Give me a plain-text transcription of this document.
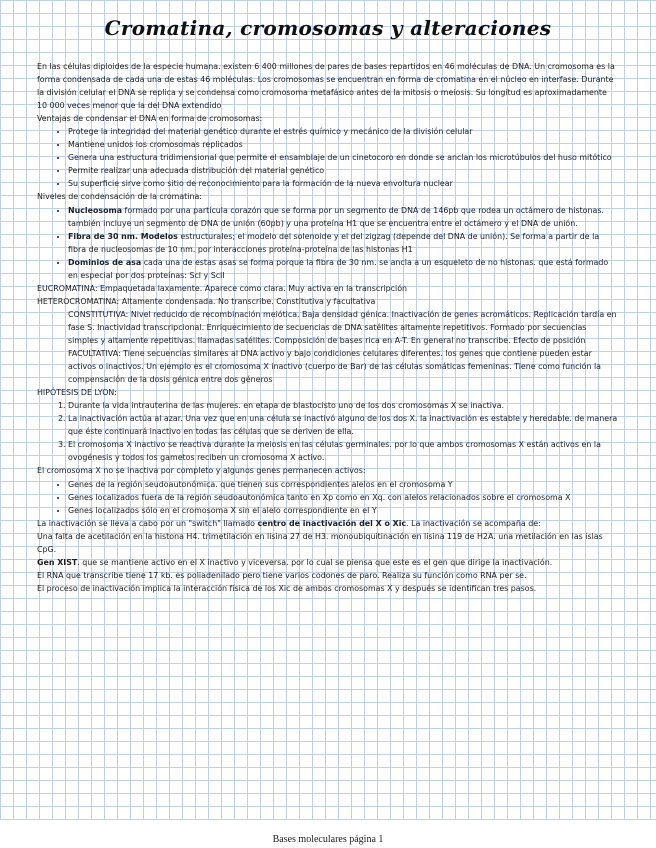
Cromatina, cromosomas y alteraciones

En las células diploides de la especie humana. existen 6 400 millones de pares de bases repartidos en 46 moléculas de DNA. Un cromosoma es la forma condensada de cada una de estas 46 moléculas. Los cromosomas se encuentran en forma de cromatina en el núcleo en interfase. Durante la división celular el DNA se replica y se condensa como cromosoma metafásico antes de la mitosis o meiosis. Su longitud es aproximadamente 10 000 veces menor que la del DNA extendido

Ventajas de condensar el DNA en forma de cromosomas:

• Protege la integridad del material genético durante el estrés químico y mecánico de la división celular
• Mantiene unidos los cromosomas replicados
• Genera una estructura tridimensional que permite el ensamblaje de un cinetocoro en donde se anclan los microtúbulos del huso mitótico
• Permite realizar una adecuada distribución del material genético
• Su superficie sirve como sitio de reconocimiento para la formación de la nueva envoltura nuclear

Niveles de condensación de la cromatina:

• Nucleosoma formado por una partícula corazón que se forma por un segmento de DNA de 146pb que rodea un octámero de histonas. también incluye un segmento de DNA de unión (60pb) y una proteína H1 que se encuentra entre el octámero y el DNA de unión.
• Fibra de 30 nm. Modelos estructurales; el modelo del solenoide y el del zigzag (depende del DNA de unión). Se forma a partir de la fibra de nucleosomas de 10 nm. por interacciones proteína-proteína de las histonas H1
• Dominios de asa cada una de estas asas se forma porque la fibra de 30 nm. se ancla a un esqueleto de no histonas. que está formado en especial por dos proteínas: Scl y SclI

EUCROMATINA: Empaquetada laxamente. Aparece como clara. Muy activa en la transcripción

HETEROCROMATINA: Altamente condensada. No transcribe. Constitutiva y facultativa

CONSTITUTIVA: Nivel reducido de recombinación meiótica. Baja densidad génica. Inactivación de genes acromáticos. Replicación tardía en fase S. Inactividad transcripcional. Enriquecimiento de secuencias de DNA satélites altamente repetitivos. Formado por secuencias simples y altamente repetitivas. llamadas satélites. Composición de bases rica en A-T. En general no transcribe. Efecto de posición

FACULTATIVA: Tiene secuencias similares al DNA activo y bajo condiciones celulares diferentes. los genes que contiene pueden estar activos o inactivos. Un ejemplo es el cromosoma X inactivo (cuerpo de Bar) de las células somáticas femeninas. Tiene como función la compensación de la dosis génica entre dos géneros

HIPÓTESIS DE LYON:

1. Durante la vida intrauterina de las mujeres. en etapa de blastocisto uno de los dos cromosomas X se inactiva.
2. La inactivación actúa al azar. Una vez que en una célula se inactivó alguno de los dos X. la inactivación es estable y heredable. de manera que éste continuará inactivo en todas las células que se deriven de ella.
3. El cromosoma X inactivo se reactiva durante la meiosis en las células germinales. por lo que ambos cromosomas X están activos en la ovogénesis y todos los gametos reciben un cromosoma X activo.

El cromosoma X no se inactiva por completo y algunos genes permanecen activos:

• Genes de la región seudoautonómica. que tienen sus correspondientes alelos en el cromosoma Y
• Genes localizados fuera de la región seudoautonómica tanto en Xp como en Xq. con alelos relacionados sobre el cromosoma X
• Genes localizados sólo en el cromosoma X sin el alelo correspondiente en el Y

La inactivación se lleva a cabo por un "switch" llamado centro de inactivación del X o Xic. La inactivación se acompaña de:

Una falta de acetilación en la histona H4. trimetilación en lisina 27 de H3. monoubiquitinación en lisina 119 de H2A. una metilación en las islas CpG.

Gen XIST. que se mantiene activo en el X inactivo y viceversa. por lo cual se piensa que este es el gen que dirige la inactivación.

El RNA que transcribe tiene 17 kb. es poliadenilado pero tiene varios codones de paro. Realiza su función como RNA per se.

El proceso de inactivación implica la interacción física de los Xic de ambos cromosomas X y después se identifican tres pasos.

Bases moleculares página 1
